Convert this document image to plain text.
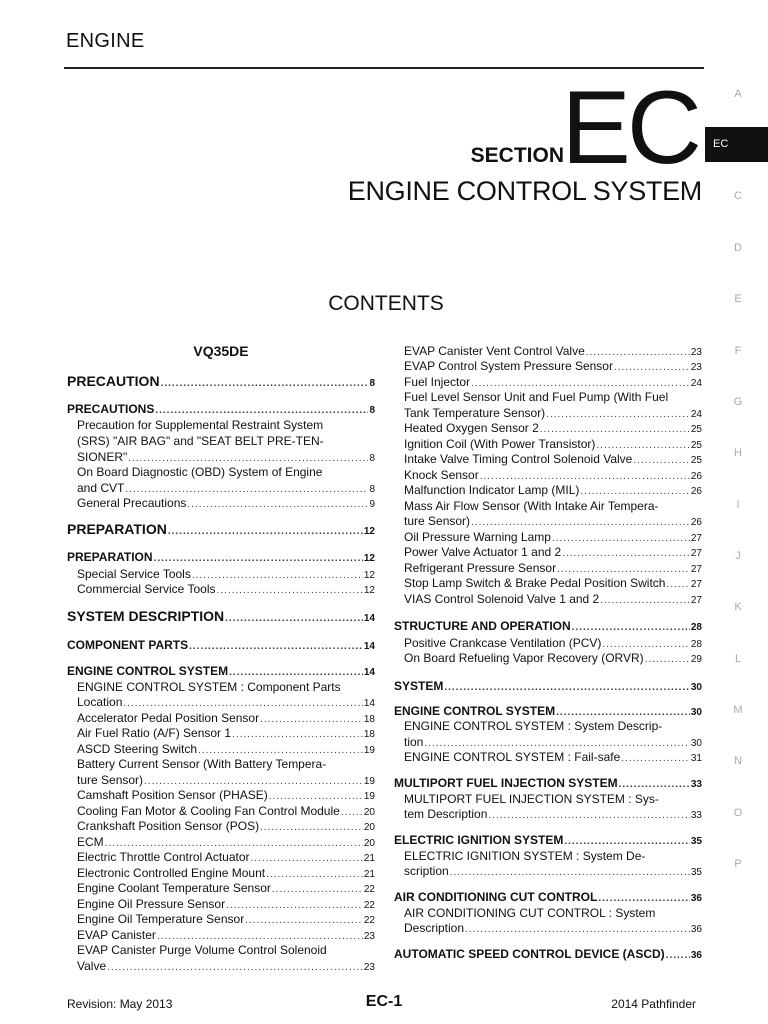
ENGINE
SECTION
EC
ENGINE CONTROL SYSTEM
CONTENTS
VQ35DE
PRECAUTION .....	8
PRECAUTIONS .....	8
Precaution for Supplemental Restraint System
(SRS) "AIR BAG" and "SEAT BELT PRE-TEN-
SIONER" .....	8
On Board Diagnostic (OBD) System of Engine
and CVT .....	8
General Precautions .....	9
PREPARATION .....	12
PREPARATION .....	12
Special Service Tools .....	12
Commercial Service Tools .....	12
SYSTEM DESCRIPTION .....	14
COMPONENT PARTS .....	14
ENGINE CONTROL SYSTEM .....	14
ENGINE CONTROL SYSTEM : Component Parts
Location .....	14
Accelerator Pedal Position Sensor .....	18
Air Fuel Ratio (A/F) Sensor 1 .....	18
ASCD Steering Switch .....	19
Battery Current Sensor (With Battery Tempera-
ture Sensor) .....	19
Camshaft Position Sensor (PHASE) .....	19
Cooling Fan Motor & Cooling Fan Control Module ..... 20
Crankshaft Position Sensor (POS) .....	20
ECM .....	20
Electric Throttle Control Actuator .....	21
Electronic Controlled Engine Mount .....	21
Engine Coolant Temperature Sensor .....	22
Engine Oil Pressure Sensor .....	22
Engine Oil Temperature Sensor .....	22
EVAP Canister .....	23
EVAP Canister Purge Volume Control Solenoid
Valve .....	23
EVAP Canister Vent Control Valve .....	23
EVAP Control System Pressure Sensor .....	23
Fuel Injector .....	24
Fuel Level Sensor Unit and Fuel Pump (With Fuel
Tank Temperature Sensor) .....	24
Heated Oxygen Sensor 2 .....	25
Ignition Coil (With Power Transistor) .....	25
Intake Valve Timing Control Solenoid Valve .....	25
Knock Sensor .....	26
Malfunction Indicator Lamp (MIL) .....	26
Mass Air Flow Sensor (With Intake Air Tempera-
ture Sensor) .....	26
Oil Pressure Warning Lamp .....	27
Power Valve Actuator 1 and 2 .....	27
Refrigerant Pressure Sensor .....	27
Stop Lamp Switch & Brake Pedal Position Switch .....	27
VIAS Control Solenoid Valve 1 and 2 .....	27
STRUCTURE AND OPERATION .....	28
Positive Crankcase Ventilation (PCV) .....	28
On Board Refueling Vapor Recovery (ORVR) .....	29
SYSTEM .....	30
ENGINE CONTROL SYSTEM .....	30
ENGINE CONTROL SYSTEM : System Descrip-
tion .....	30
ENGINE CONTROL SYSTEM : Fail-safe .....	31
MULTIPORT FUEL INJECTION SYSTEM .....	33
MULTIPORT FUEL INJECTION SYSTEM : Sys-
tem Description .....	33
ELECTRIC IGNITION SYSTEM .....	35
ELECTRIC IGNITION SYSTEM : System De-
scription .....	35
AIR CONDITIONING CUT CONTROL .....	36
AIR CONDITIONING CUT CONTROL : System
Description .....	36
AUTOMATIC SPEED CONTROL DEVICE (ASCD) .....	36
A
C
D
E
F
G
H
I
J
K
L
M
N
O
P
EC
Revision: May 2013	EC-1	2014 Pathfinder
